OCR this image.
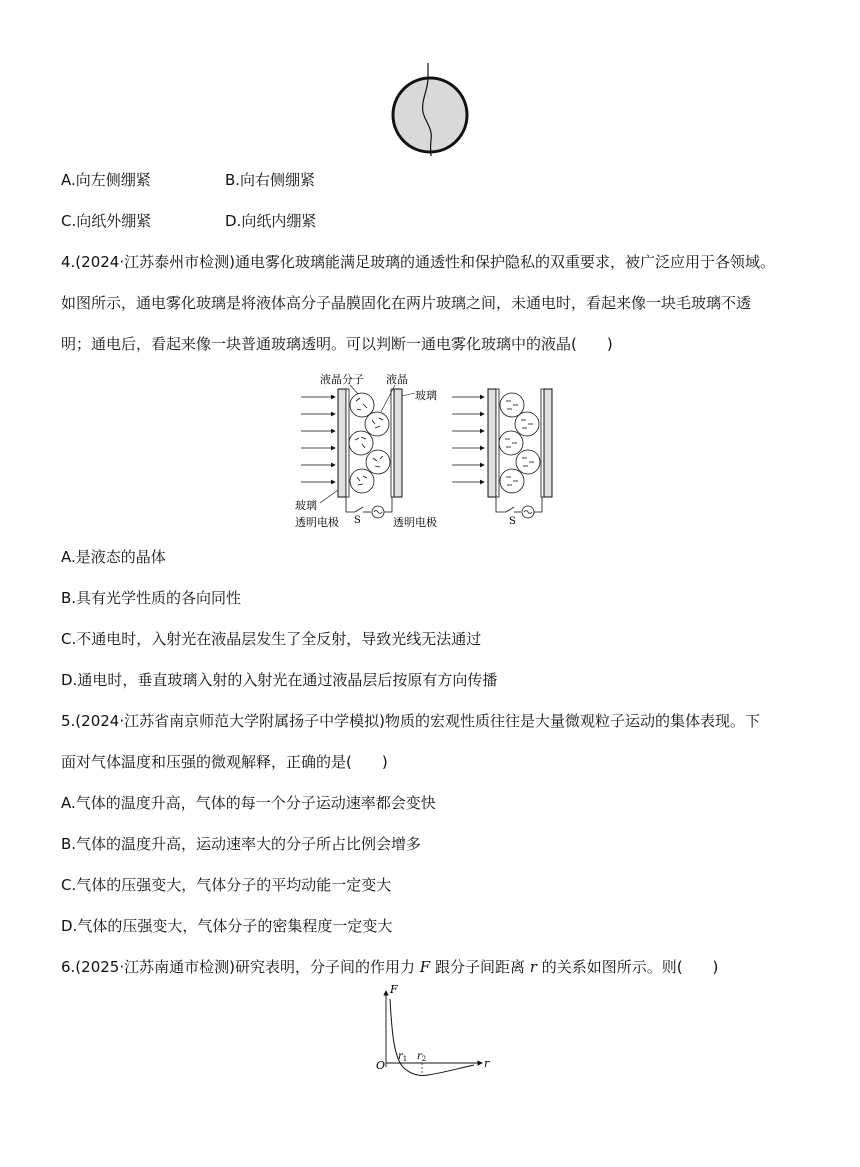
A.向左侧绷紧	B.向右侧绷紧
C.向纸外绷紧	D.向纸内绷紧
4.(2024·江苏泰州市检测)通电雾化玻璃能满足玻璃的通透性和保护隐私的双重要求，被广泛应用于各领域。
如图所示，通电雾化玻璃是将液体高分子晶膜固化在两片玻璃之间，未通电时，看起来像一块毛玻璃不透
明；通电后，看起来像一块普通玻璃透明。可以判断一通电雾化玻璃中的液晶(　　)
液晶分子 液晶
玻璃
玻璃
透明电极	透明电极
S	S
A.是液态的晶体
B.具有光学性质的各向同性
C.不通电时，入射光在液晶层发生了全反射，导致光线无法通过
D.通电时，垂直玻璃入射的入射光在通过液晶层后按原有方向传播
5.(2024·江苏省南京师范大学附属扬子中学模拟)物质的宏观性质往往是大量微观粒子运动的集体表现。下
面对气体温度和压强的微观解释，正确的是(　　)
A.气体的温度升高，气体的每一个分子运动速率都会变快
B.气体的温度升高，运动速率大的分子所占比例会增多
C.气体的压强变大，气体分子的平均动能一定变大
D.气体的压强变大，气体分子的密集程度一定变大
6.(2025·江苏南通市检测)研究表明，分子间的作用力 F 跟分子间距离 r 的关系如图所示。则(　　)
F
r
O
$r_1$ $r_2$
